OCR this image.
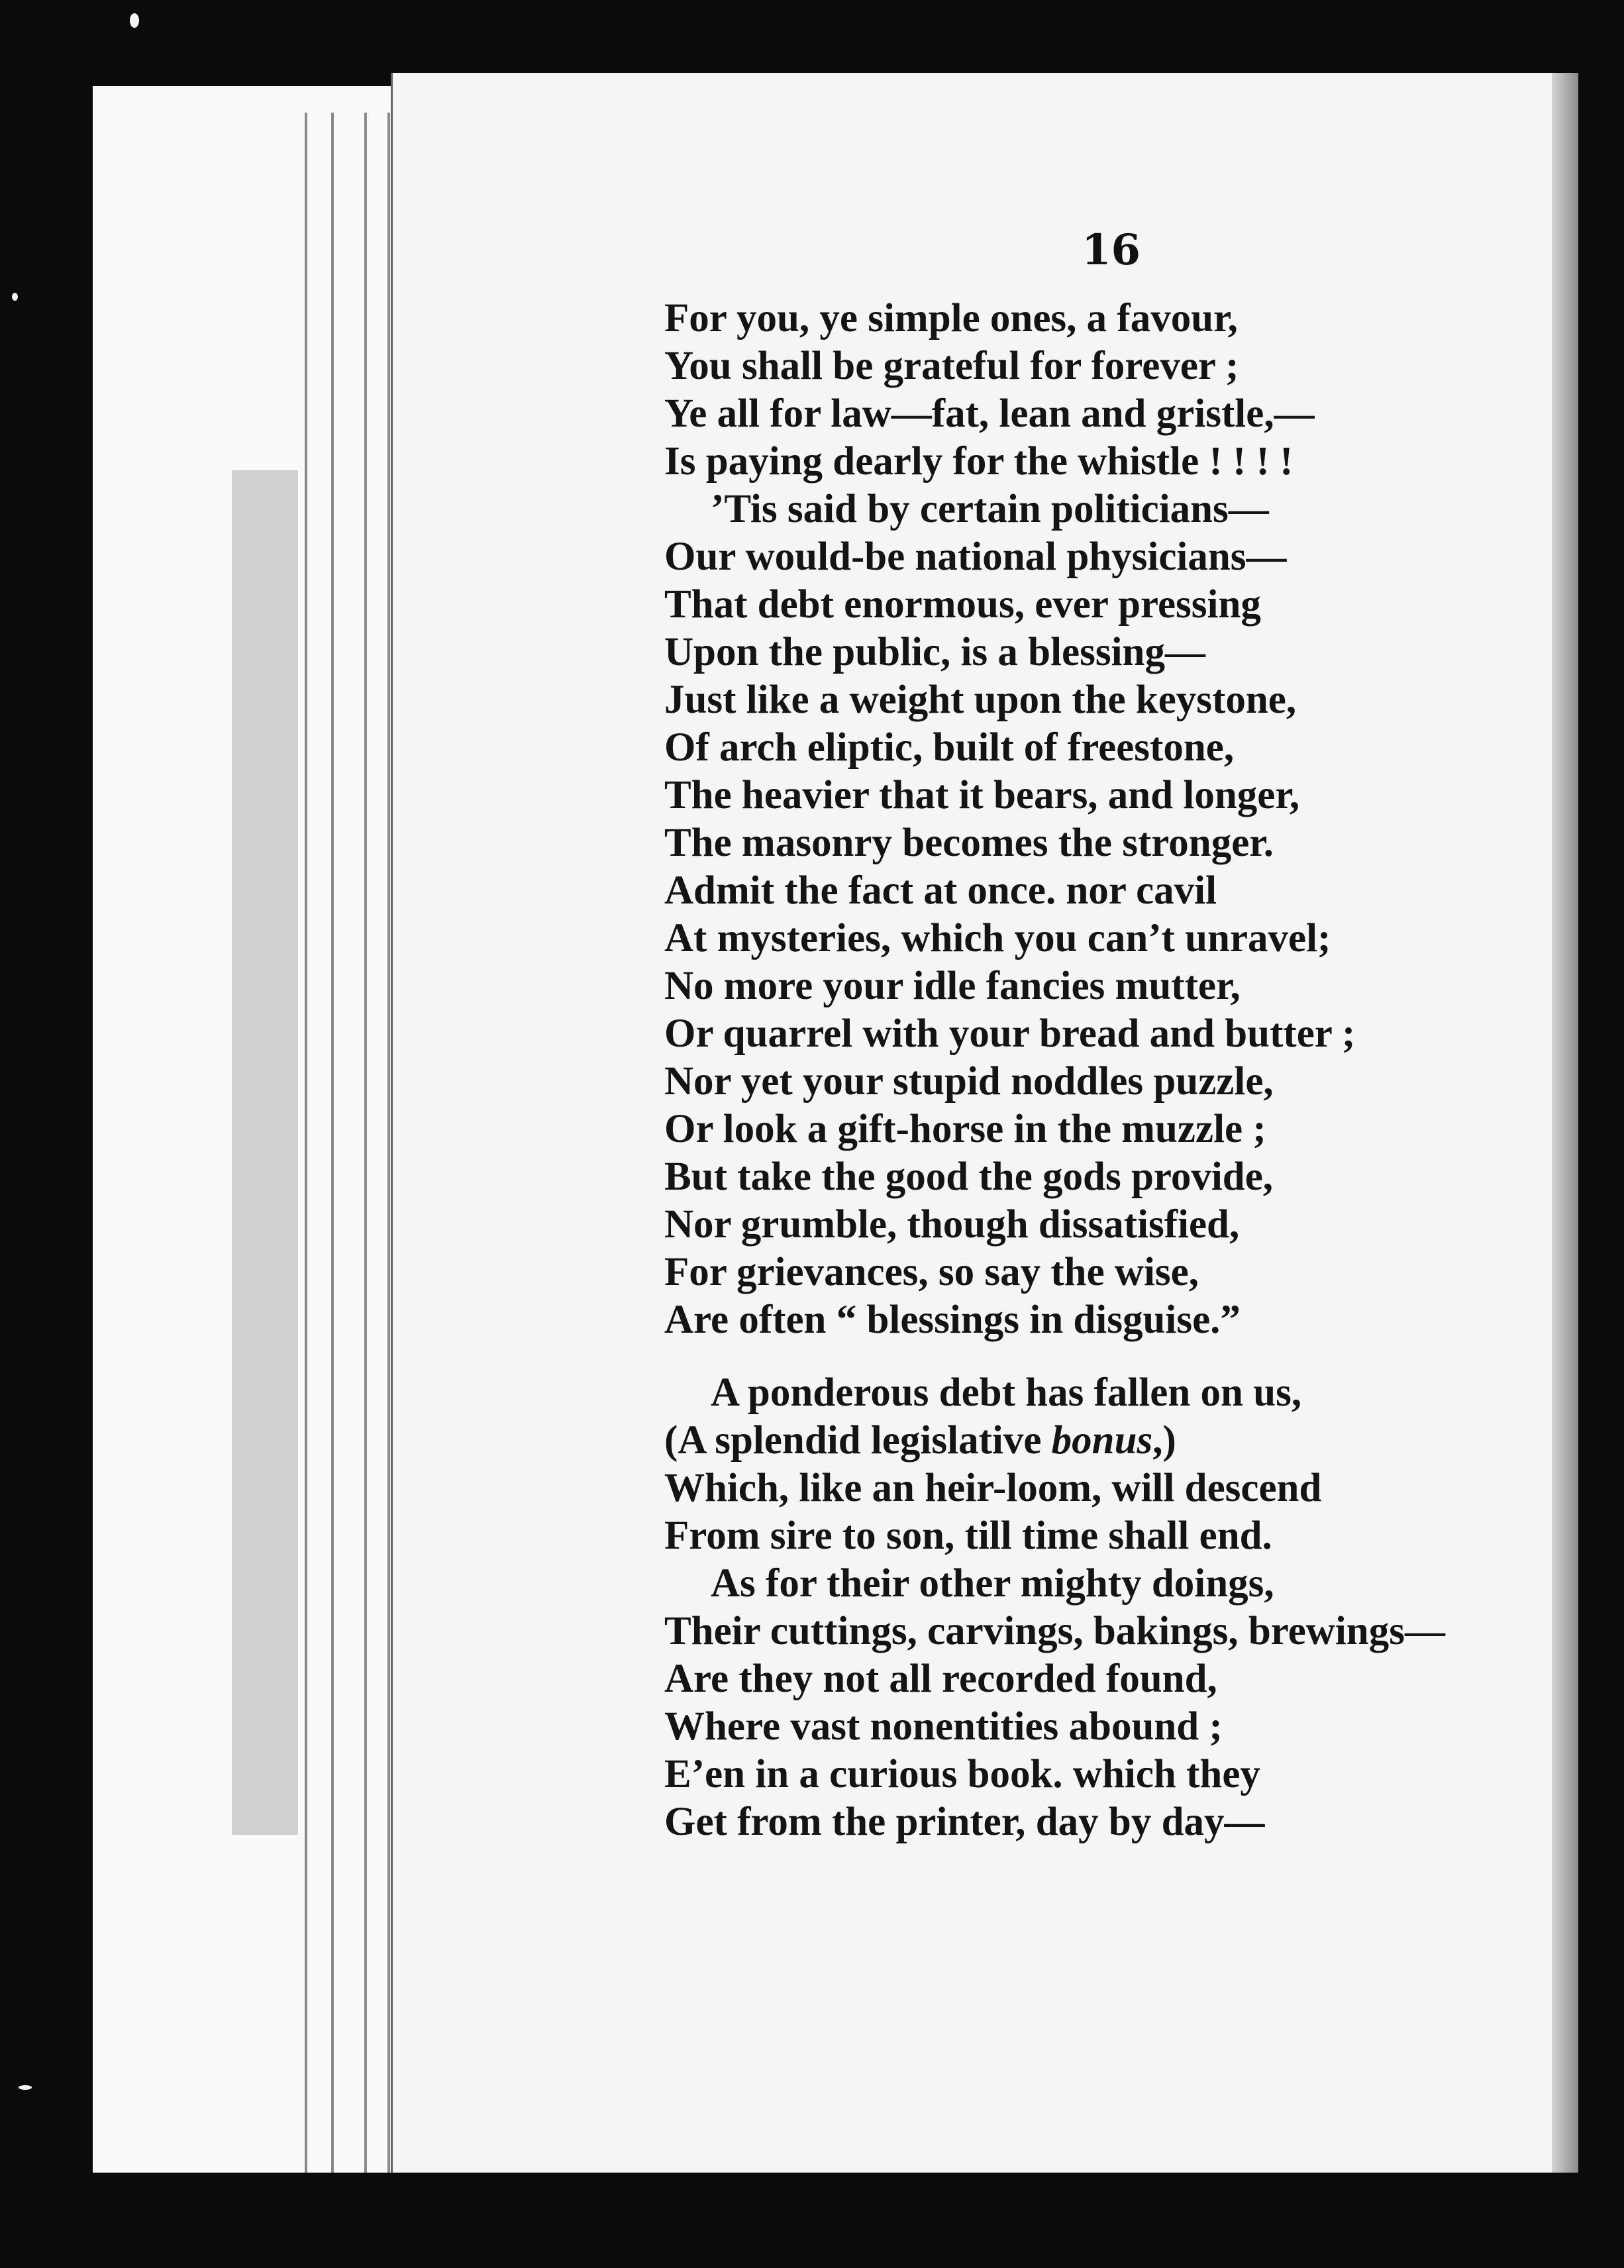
16
For you, ye simple ones, a favour,
You shall be grateful for forever ;
Ye all for law—fat, lean and gristle,—
Is paying dearly for the whistle ! ! ! !
’Tis said by certain politicians—
Our would-be national physicians—
That debt enormous, ever pressing
Upon the public, is a blessing—
Just like a weight upon the keystone,
Of arch eliptic, built of freestone,
The heavier that it bears, and longer,
The masonry becomes the stronger.
Admit the fact at once. nor cavil
At mysteries, which you can’t unravel;
No more your idle fancies mutter,
Or quarrel with your bread and butter ;
Nor yet your stupid noddles puzzle,
Or look a gift-horse in the muzzle ;
But take the good the gods provide,
Nor grumble, though dissatisfied,
For grievances, so say the wise,
Are often “ blessings in disguise.”
A ponderous debt has fallen on us,
(A splendid legislative bonus,)
Which, like an heir-loom, will descend
From sire to son, till time shall end.
As for their other mighty doings,
Their cuttings, carvings, bakings, brewings—
Are they not all recorded found,
Where vast nonentities abound ;
E’en in a curious book. which they
Get from the printer, day by day—
